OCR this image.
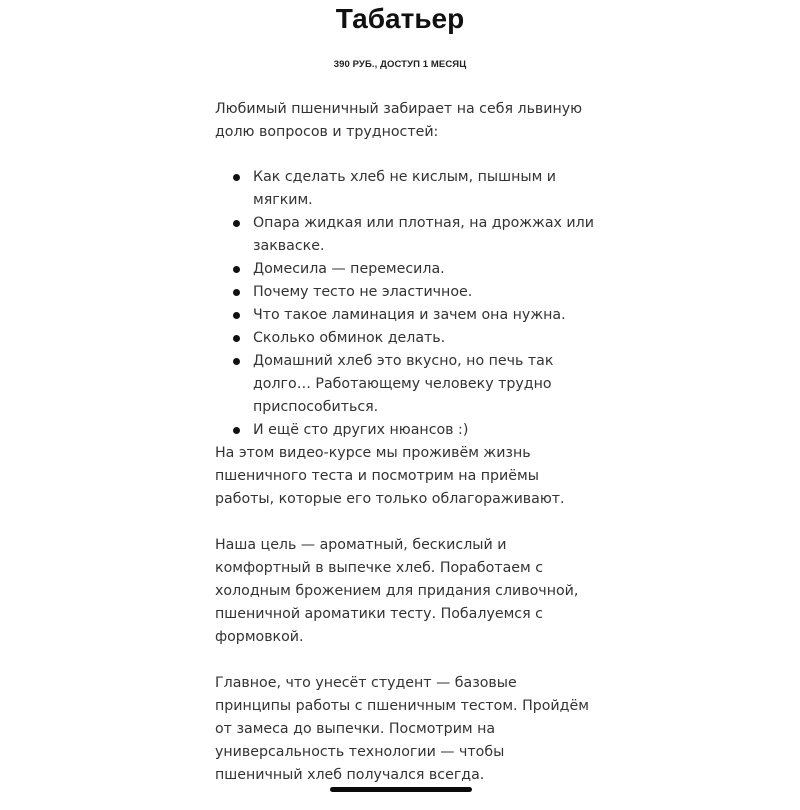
Табатьер
390 РУБ., ДОСТУП 1 МЕСЯЦ

Любимый пшеничный забирает на себя львиную долю вопросов и трудностей:

Как сделать хлеб не кислым, пышным и мягким.
Опара жидкая или плотная, на дрожжах или закваске.
Домесила — перемесила.
Почему тесто не эластичное.
Что такое ламинация и зачем она нужна.
Сколько обминок делать.
Домашний хлеб это вкусно, но печь так долго… Работающему человеку трудно приспособиться.
И ещё сто других нюансов :)

На этом видео-курсе мы проживём жизнь пшеничного теста и посмотрим на приёмы работы, которые его только облагораживают.

Наша цель — ароматный, бескислый и комфортный в выпечке хлеб. Поработаем с холодным брожением для придания сливочной, пшеничной ароматики тесту. Побалуемся с формовкой.

Главное, что унесёт студент — базовые принципы работы с пшеничным тестом. Пройдём от замеса до выпечки. Посмотрим на универсальность технологии — чтобы пшеничный хлеб получался всегда.
